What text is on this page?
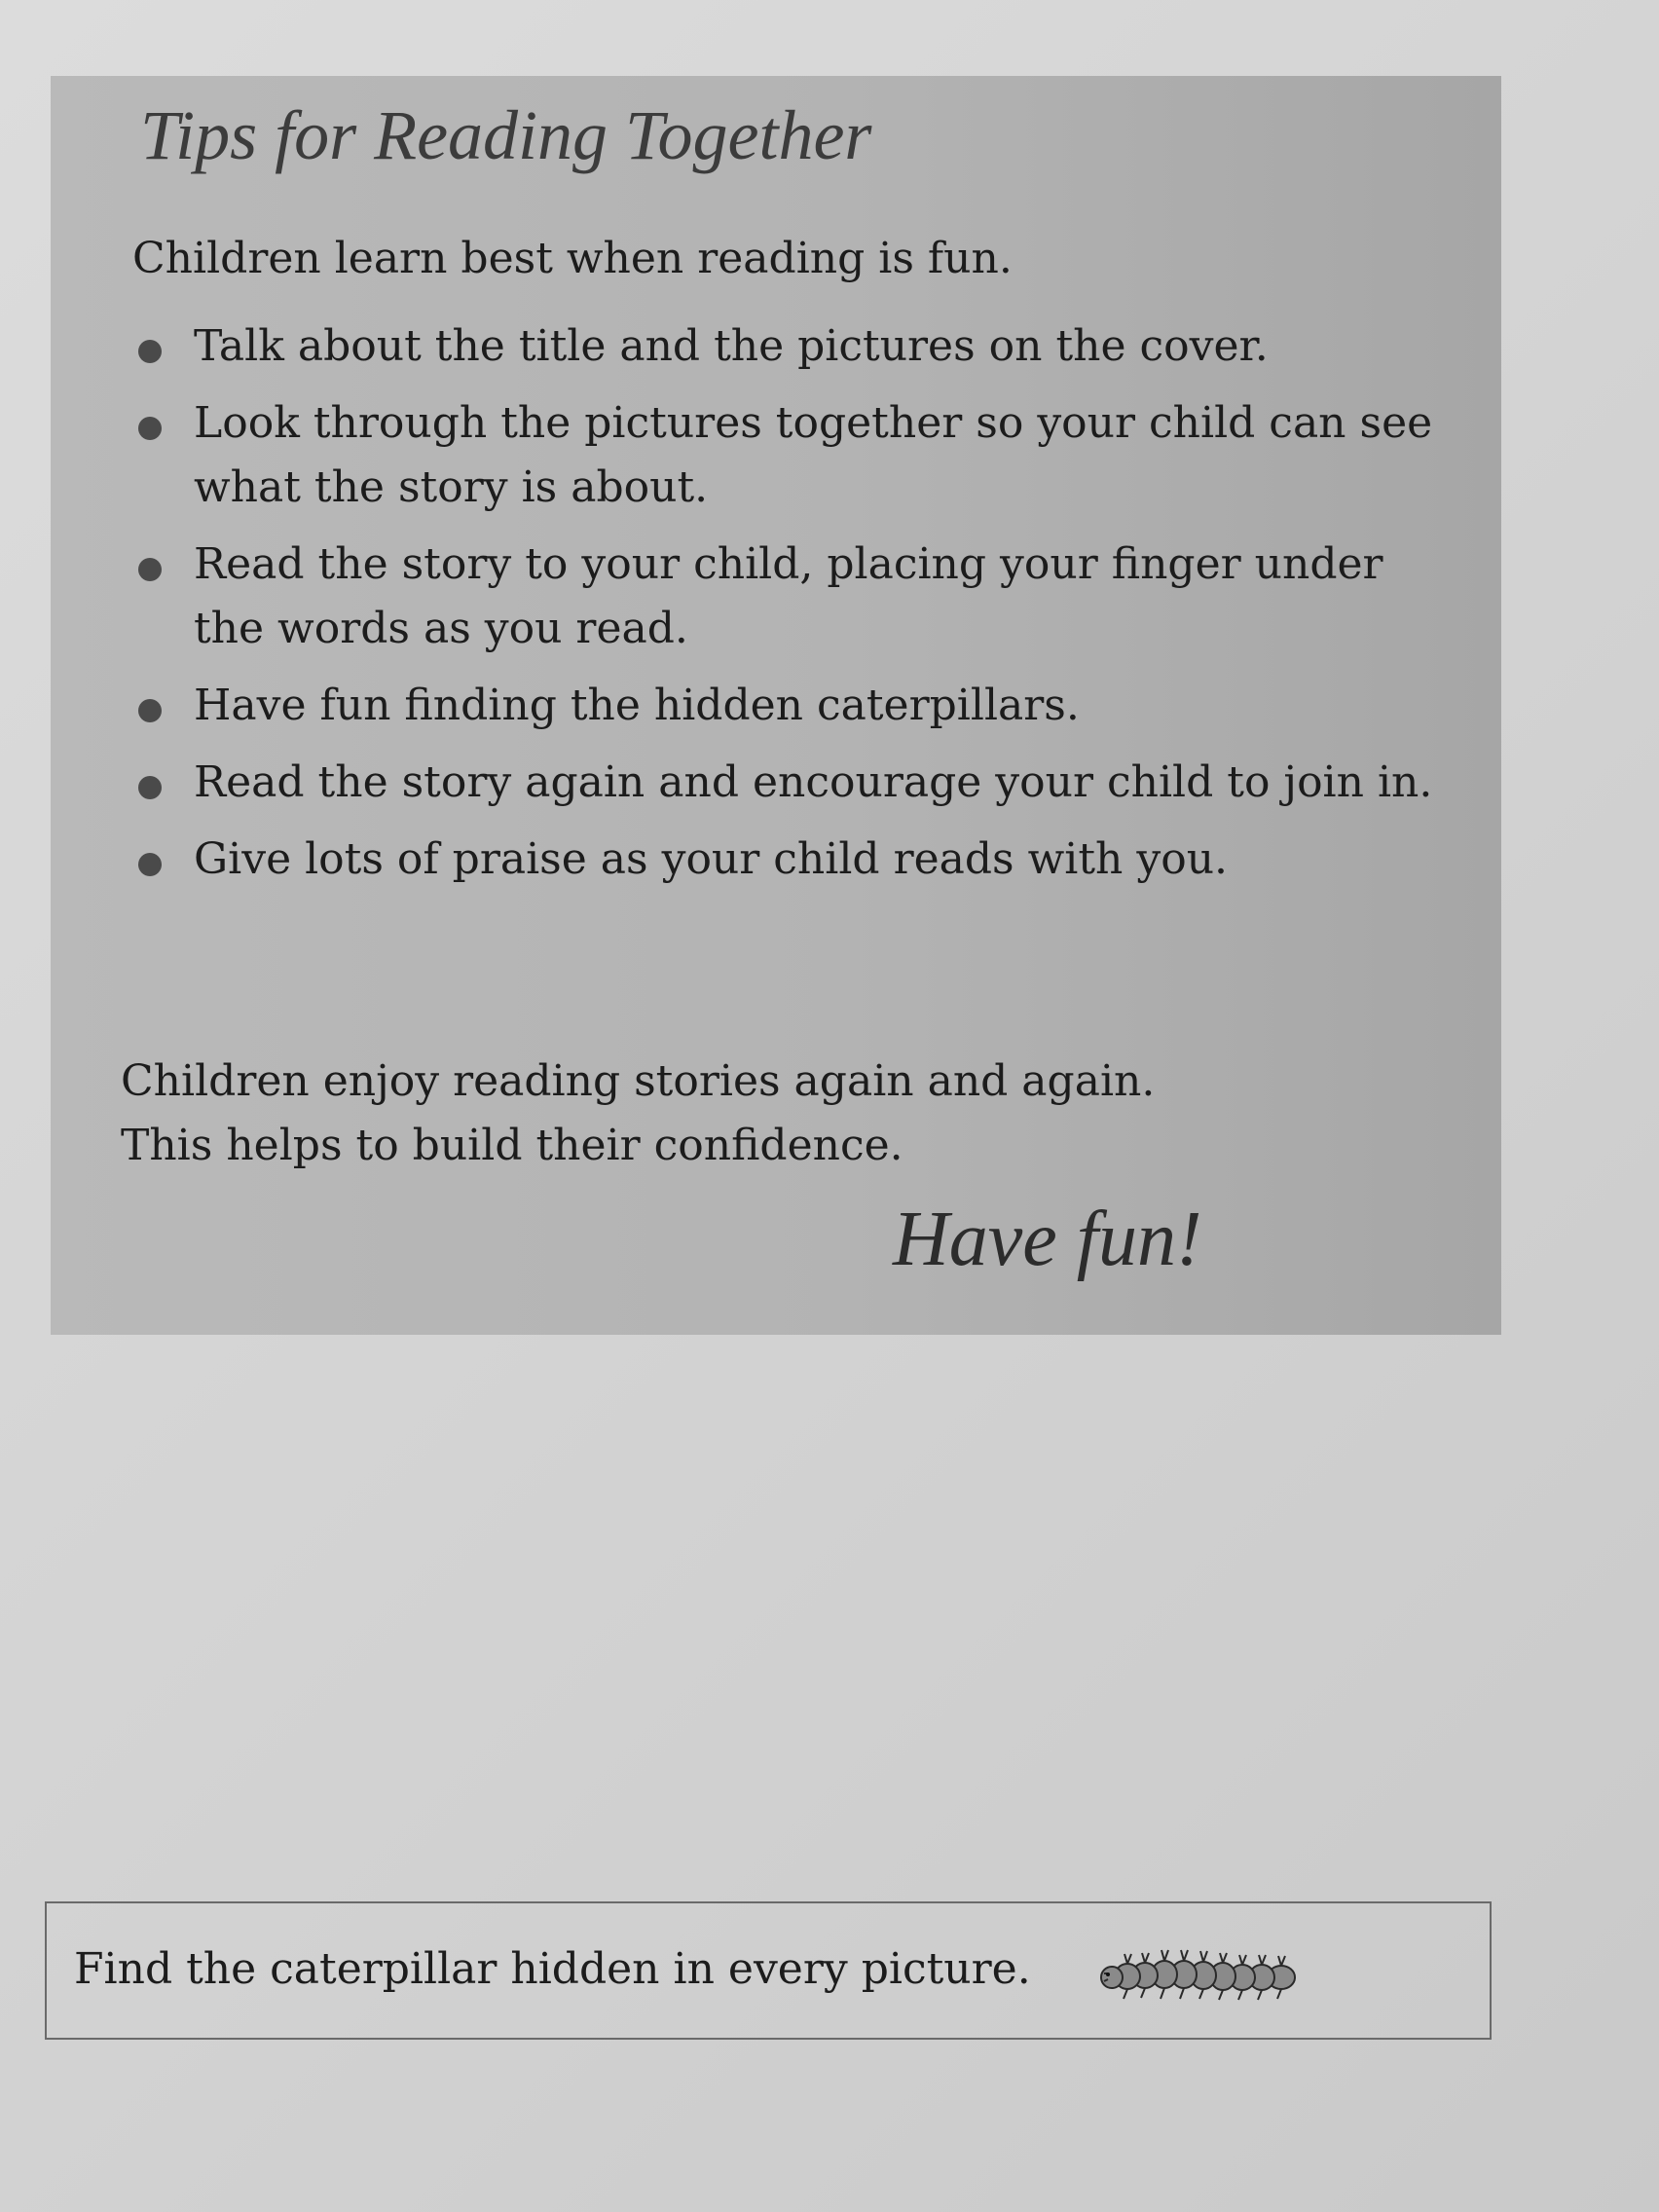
Tips for Reading Together

Children learn best when reading is fun.

Talk about the title and the pictures on the cover.
Look through the pictures together so your child can see what the story is about.
Read the story to your child, placing your finger under the words as you read.
Have fun finding the hidden caterpillars.
Read the story again and encourage your child to join in.
Give lots of praise as your child reads with you.

Children enjoy reading stories again and again.
This helps to build their confidence.

Have fun!

Find the caterpillar hidden in every picture.
